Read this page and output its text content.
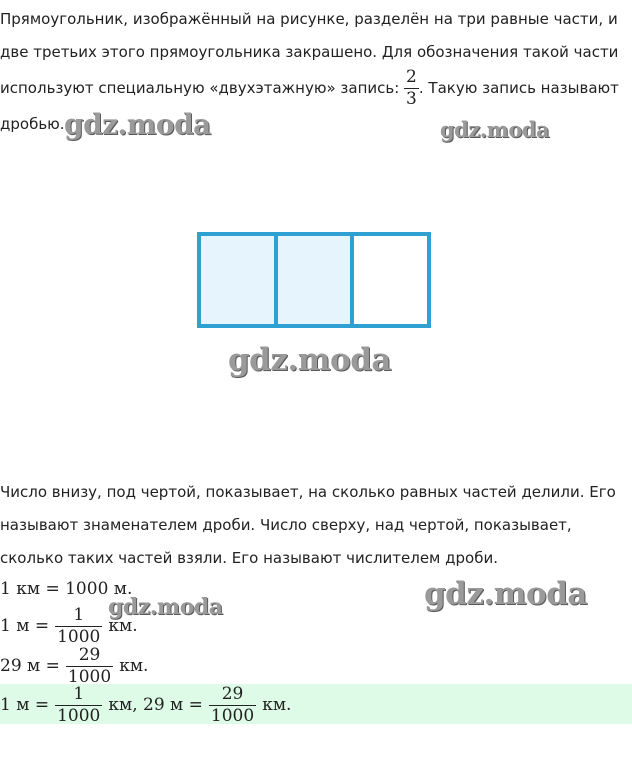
Прямоугольник, изображённый на рисунке, разделён на три равные части, и
две третьих этого прямоугольника закрашено. Для обозначения такой части
используют специальную «двухэтажную» запись: $\frac{2}{3}$ . Такую запись называют
дробью. gdz.moda	gdz.moda
gdz.moda

Число внизу, под чертой, показывает, на сколько равных частей делили. Его
называют знаменателем дроби. Число сверху, над чертой, показывает,
сколько таких частей взяли. Его называют числителем дроби.

1 км = 1000 м.
1 $м = \frac{1}{1000}$ км.
29 $м = \frac{29}{1000}$ км.
1 $м = \frac{1}{1000}$ км, 29 $м = \frac{29}{1000}$ км.
gdz.moda	gdz.moda
